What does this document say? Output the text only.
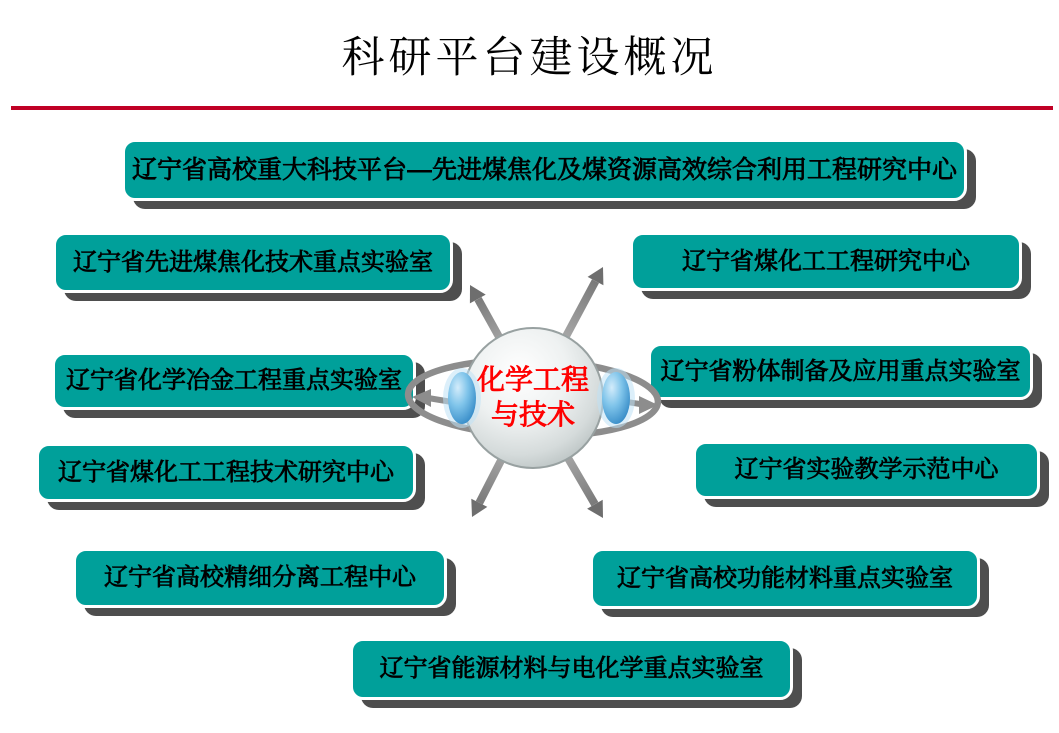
科研平台建设概况
辽宁省高校重大科技平台—先进煤焦化及煤资源高效综合利用工程研究中心
辽宁省先进煤焦化技术重点实验室	辽宁省煤化工工程研究中心
辽宁省化学冶金工程重点实验室	辽宁省粉体制备及应用重点实验室
辽宁省煤化工工程技术研究中心	辽宁省实验教学示范中心
辽宁省高校精细分离工程中心	辽宁省高校功能材料重点实验室
辽宁省能源材料与电化学重点实验室
化学工程
与技术
